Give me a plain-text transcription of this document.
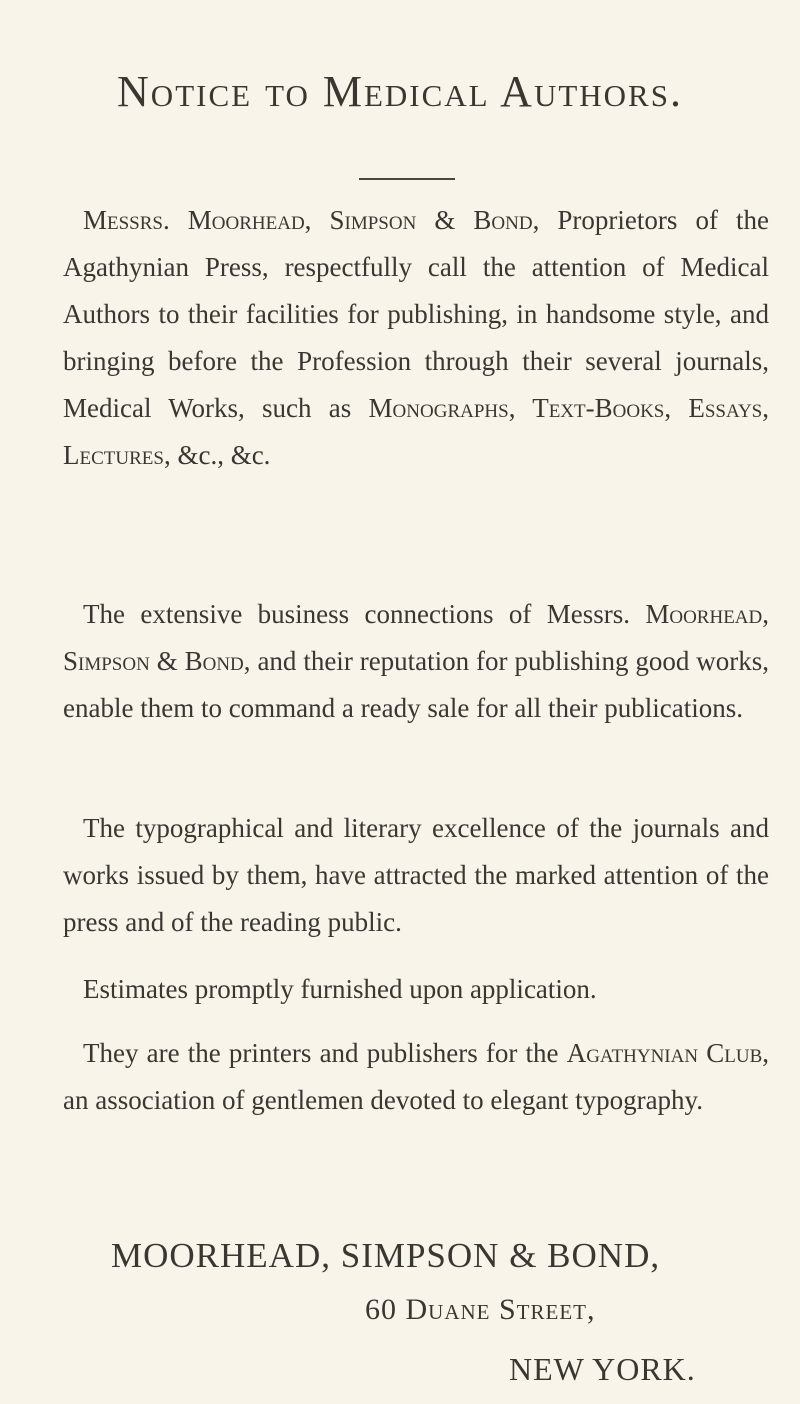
Notice to Medical Authors.

Messrs. Moorhead, Simpson & Bond, Proprietors of the Agathynian Press, respectfully call the attention of Medical Authors to their facilities for publishing, in handsome style, and bringing before the Profession through their several journals, Medical Works, such as Monographs, Text-Books, Essays, Lectures, &c., &c.

The extensive business connections of Messrs. Moorhead, Simpson & Bond, and their reputation for publishing good works, enable them to command a ready sale for all their publications.

The typographical and literary excellence of the journals and works issued by them, have attracted the marked attention of the press and of the reading public.

Estimates promptly furnished upon application.

They are the printers and publishers for the Agathynian Club, an association of gentlemen devoted to elegant typography.

MOORHEAD, SIMPSON & BOND,

60 Duane Street,

NEW YORK.
